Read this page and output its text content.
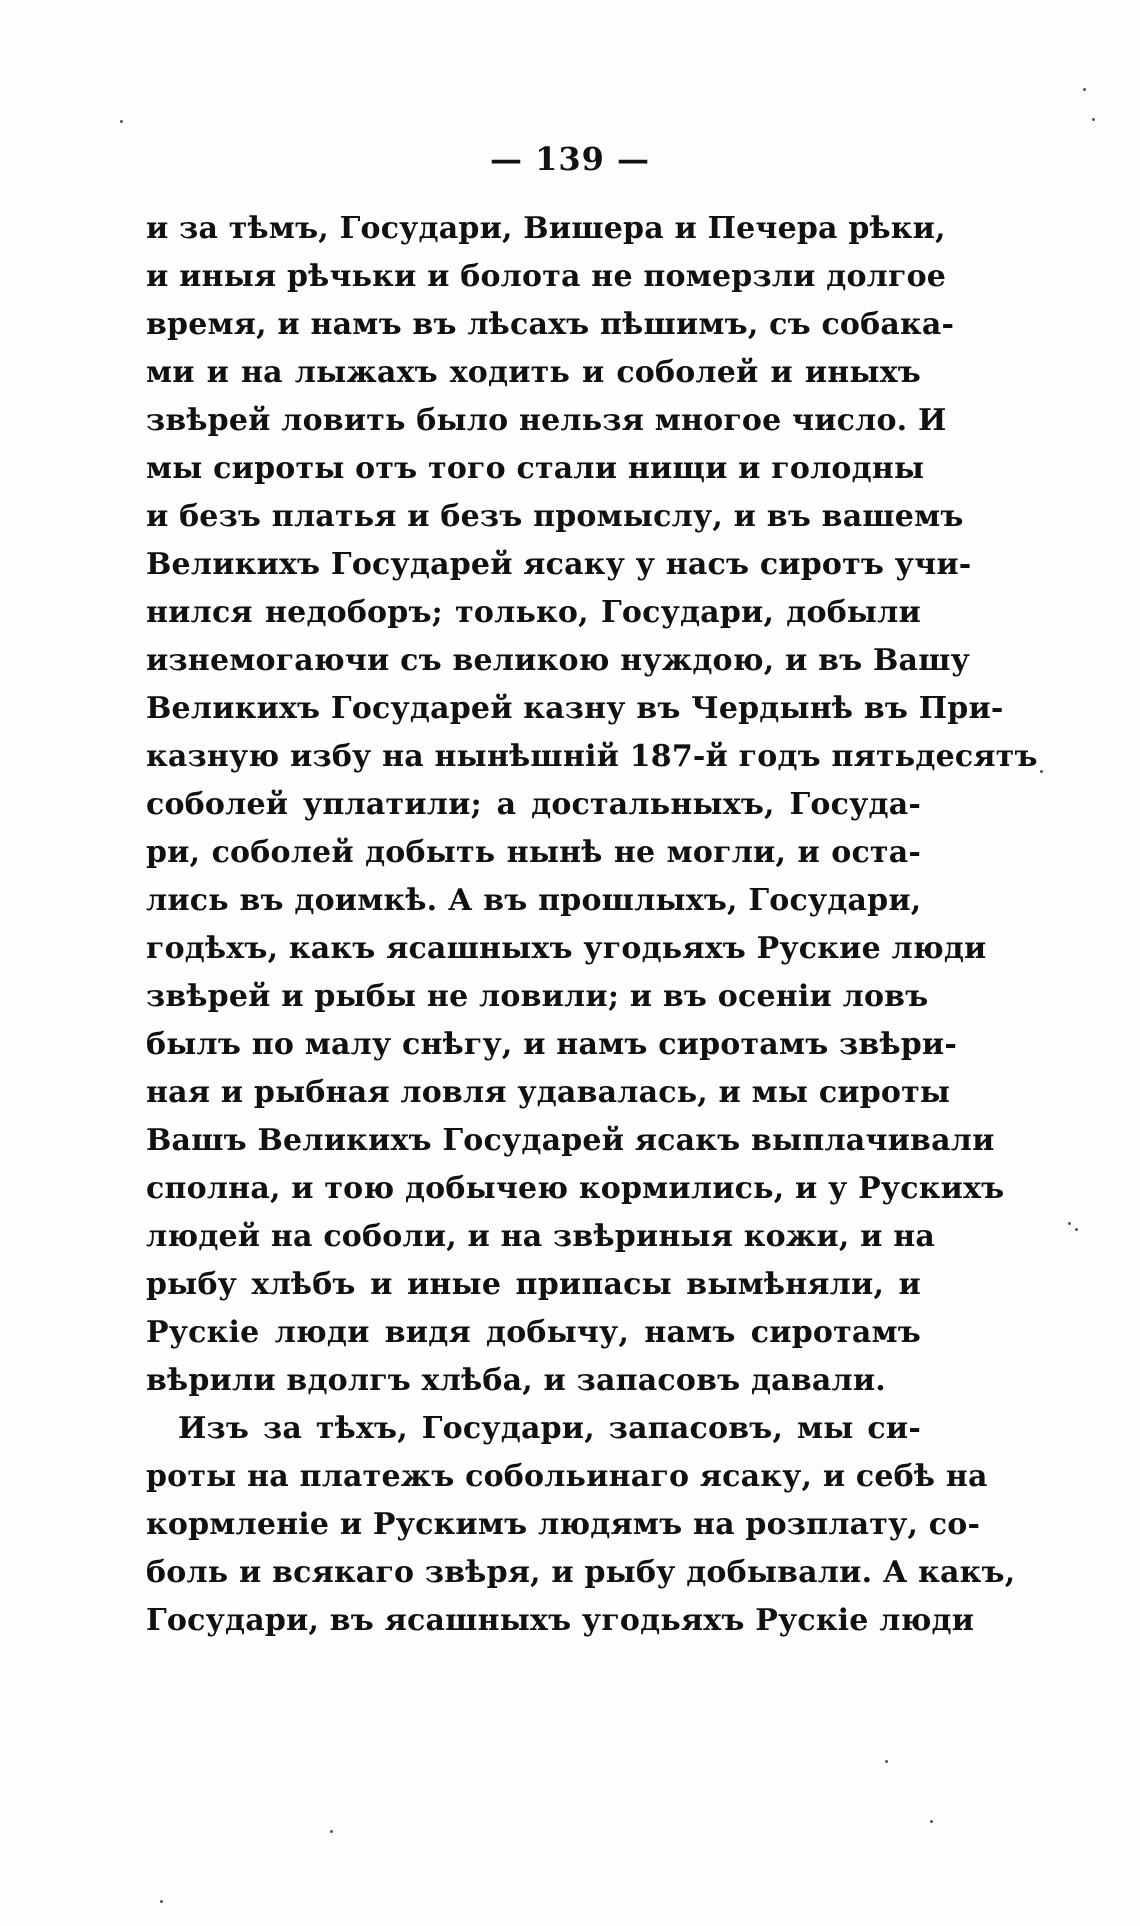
— 139 —
и за тѣмъ, Государи, Вишера и Печера рѣки,
и иныя рѣчьки и болота не померзли долгое
время, и намъ въ лѣсахъ пѣшимъ, съ собака-
ми и на лыжахъ ходить и соболей и иныхъ
звѣрей ловить было нельзя многое число. И
мы сироты отъ того стали нищи и голодны
и безъ платья и безъ промыслу, и въ вашемъ
Великихъ Государей ясаку у насъ сиротъ учи-
нился недоборъ; только, Государи, добыли
изнемогаючи съ великою нуждою, и въ Вашу
Великихъ Государей казну въ Чердынѣ въ При-
казную избу на нынѣшній 187-й годъ пятьдесятъ
соболей уплатили; а достальныхъ, Госуда-
ри, соболей добыть нынѣ не могли, и оста-
лись въ доимкѣ. А въ прошлыхъ, Государи,
годѣхъ, какъ ясашныхъ угодьяхъ Руские люди
звѣрей и рыбы не ловили; и въ осеніи ловъ
былъ по малу снѣгу, и намъ сиротамъ звѣри-
ная и рыбная ловля удавалась, и мы сироты
Вашъ Великихъ Государей ясакъ выплачивали
сполна, и тою добычею кормились, и у Руcкихъ
людей на соболи, и на звѣриныя кожи, и на
рыбу хлѣбъ и иные припасы вымѣняли, и
Рускіе люди видя добычу, намъ сиротамъ
вѣрили вдолгъ хлѣба, и запасовъ давали.
Изъ за тѣхъ, Государи, запасовъ, мы си-
роты на платежъ собольинаго ясаку, и себѣ на
кормленіе и Рускимъ людямъ на розплату, со-
боль и всякаго звѣря, и рыбу добывали. А какъ,
Государи, въ ясашныхъ угодьяхъ Рускіе люди
